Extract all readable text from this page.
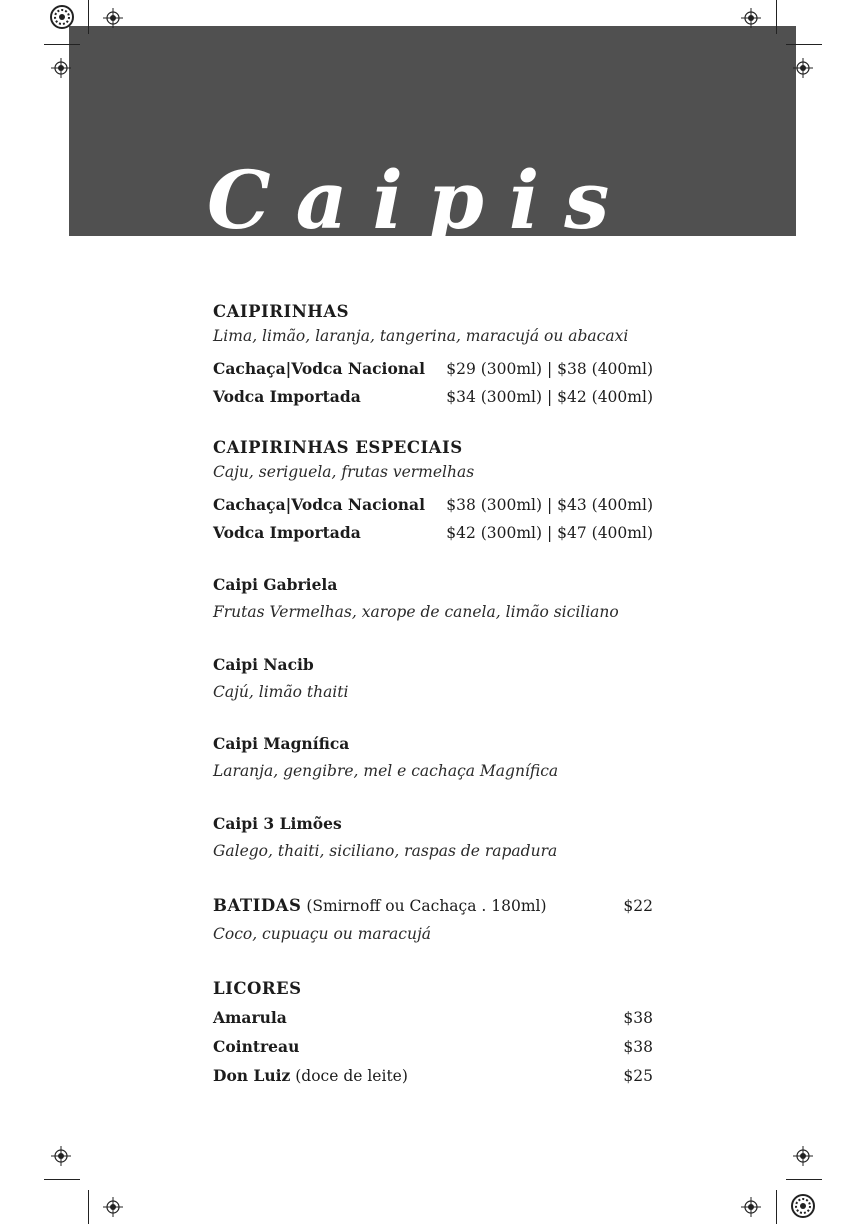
Caipis
CAIPIRINHAS
Lima, limão, laranja, tangerina, maracujá ou abacaxi
Cachaça|Vodca Nacional $29 (300ml) | $38 (400ml)
Vodca Importada	$34 (300ml) | $42 (400ml)
CAIPIRINHAS ESPECIAIS
Caju, seriguela, frutas vermelhas
Cachaça|Vodca Nacional $38 (300ml) | $43 (400ml)
Vodca Importada	$42 (300ml) | $47 (400ml)
Caipi Gabriela
Frutas Vermelhas, xarope de canela, limão siciliano
Caipi Nacib
Cajú, limão thaiti
Caipi Magnífica
Laranja, gengibre, mel e cachaça Magnífica
Caipi 3 Limões
Galego, thaiti, siciliano, raspas de rapadura
BATIDAS (Smirnoff ou Cachaça . 180ml)	$22
Coco, cupuaçu ou maracujá
LICORES
Amarula	$38
Cointreau	$38
Don Luiz (doce de leite)	$25
